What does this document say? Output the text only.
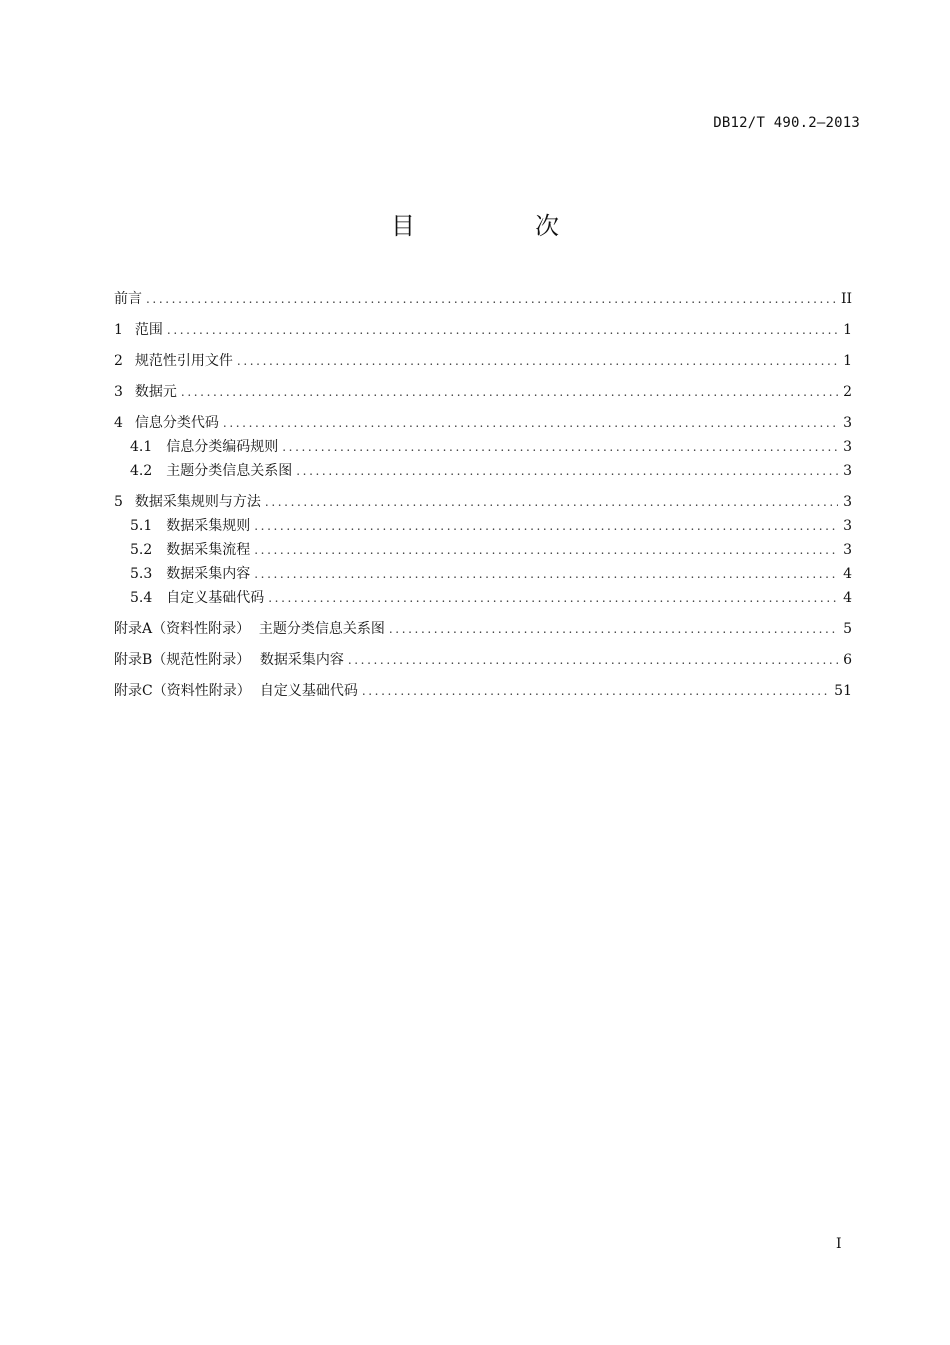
DB12/T 490.2—2013
目　次
前言 .....	II
1 范围 .....	1
2 规范性引用文件 .....	1
3 数据元 .....	2
4 信息分类代码 .....	3
4.1 信息分类编码规则 .....	3
4.2 主题分类信息关系图 .....	3
5 数据采集规则与方法 .....	3
5.1 数据采集规则 .....	3
5.2 数据采集流程 .....	3
5.3 数据采集内容 .....	4
5.4 自定义基础代码 .....	4
附录A（资料性附录） 主题分类信息关系图 .....	5
附录B（规范性附录） 数据采集内容 .....	6
附录C（资料性附录） 自定义基础代码 .....	51
I
